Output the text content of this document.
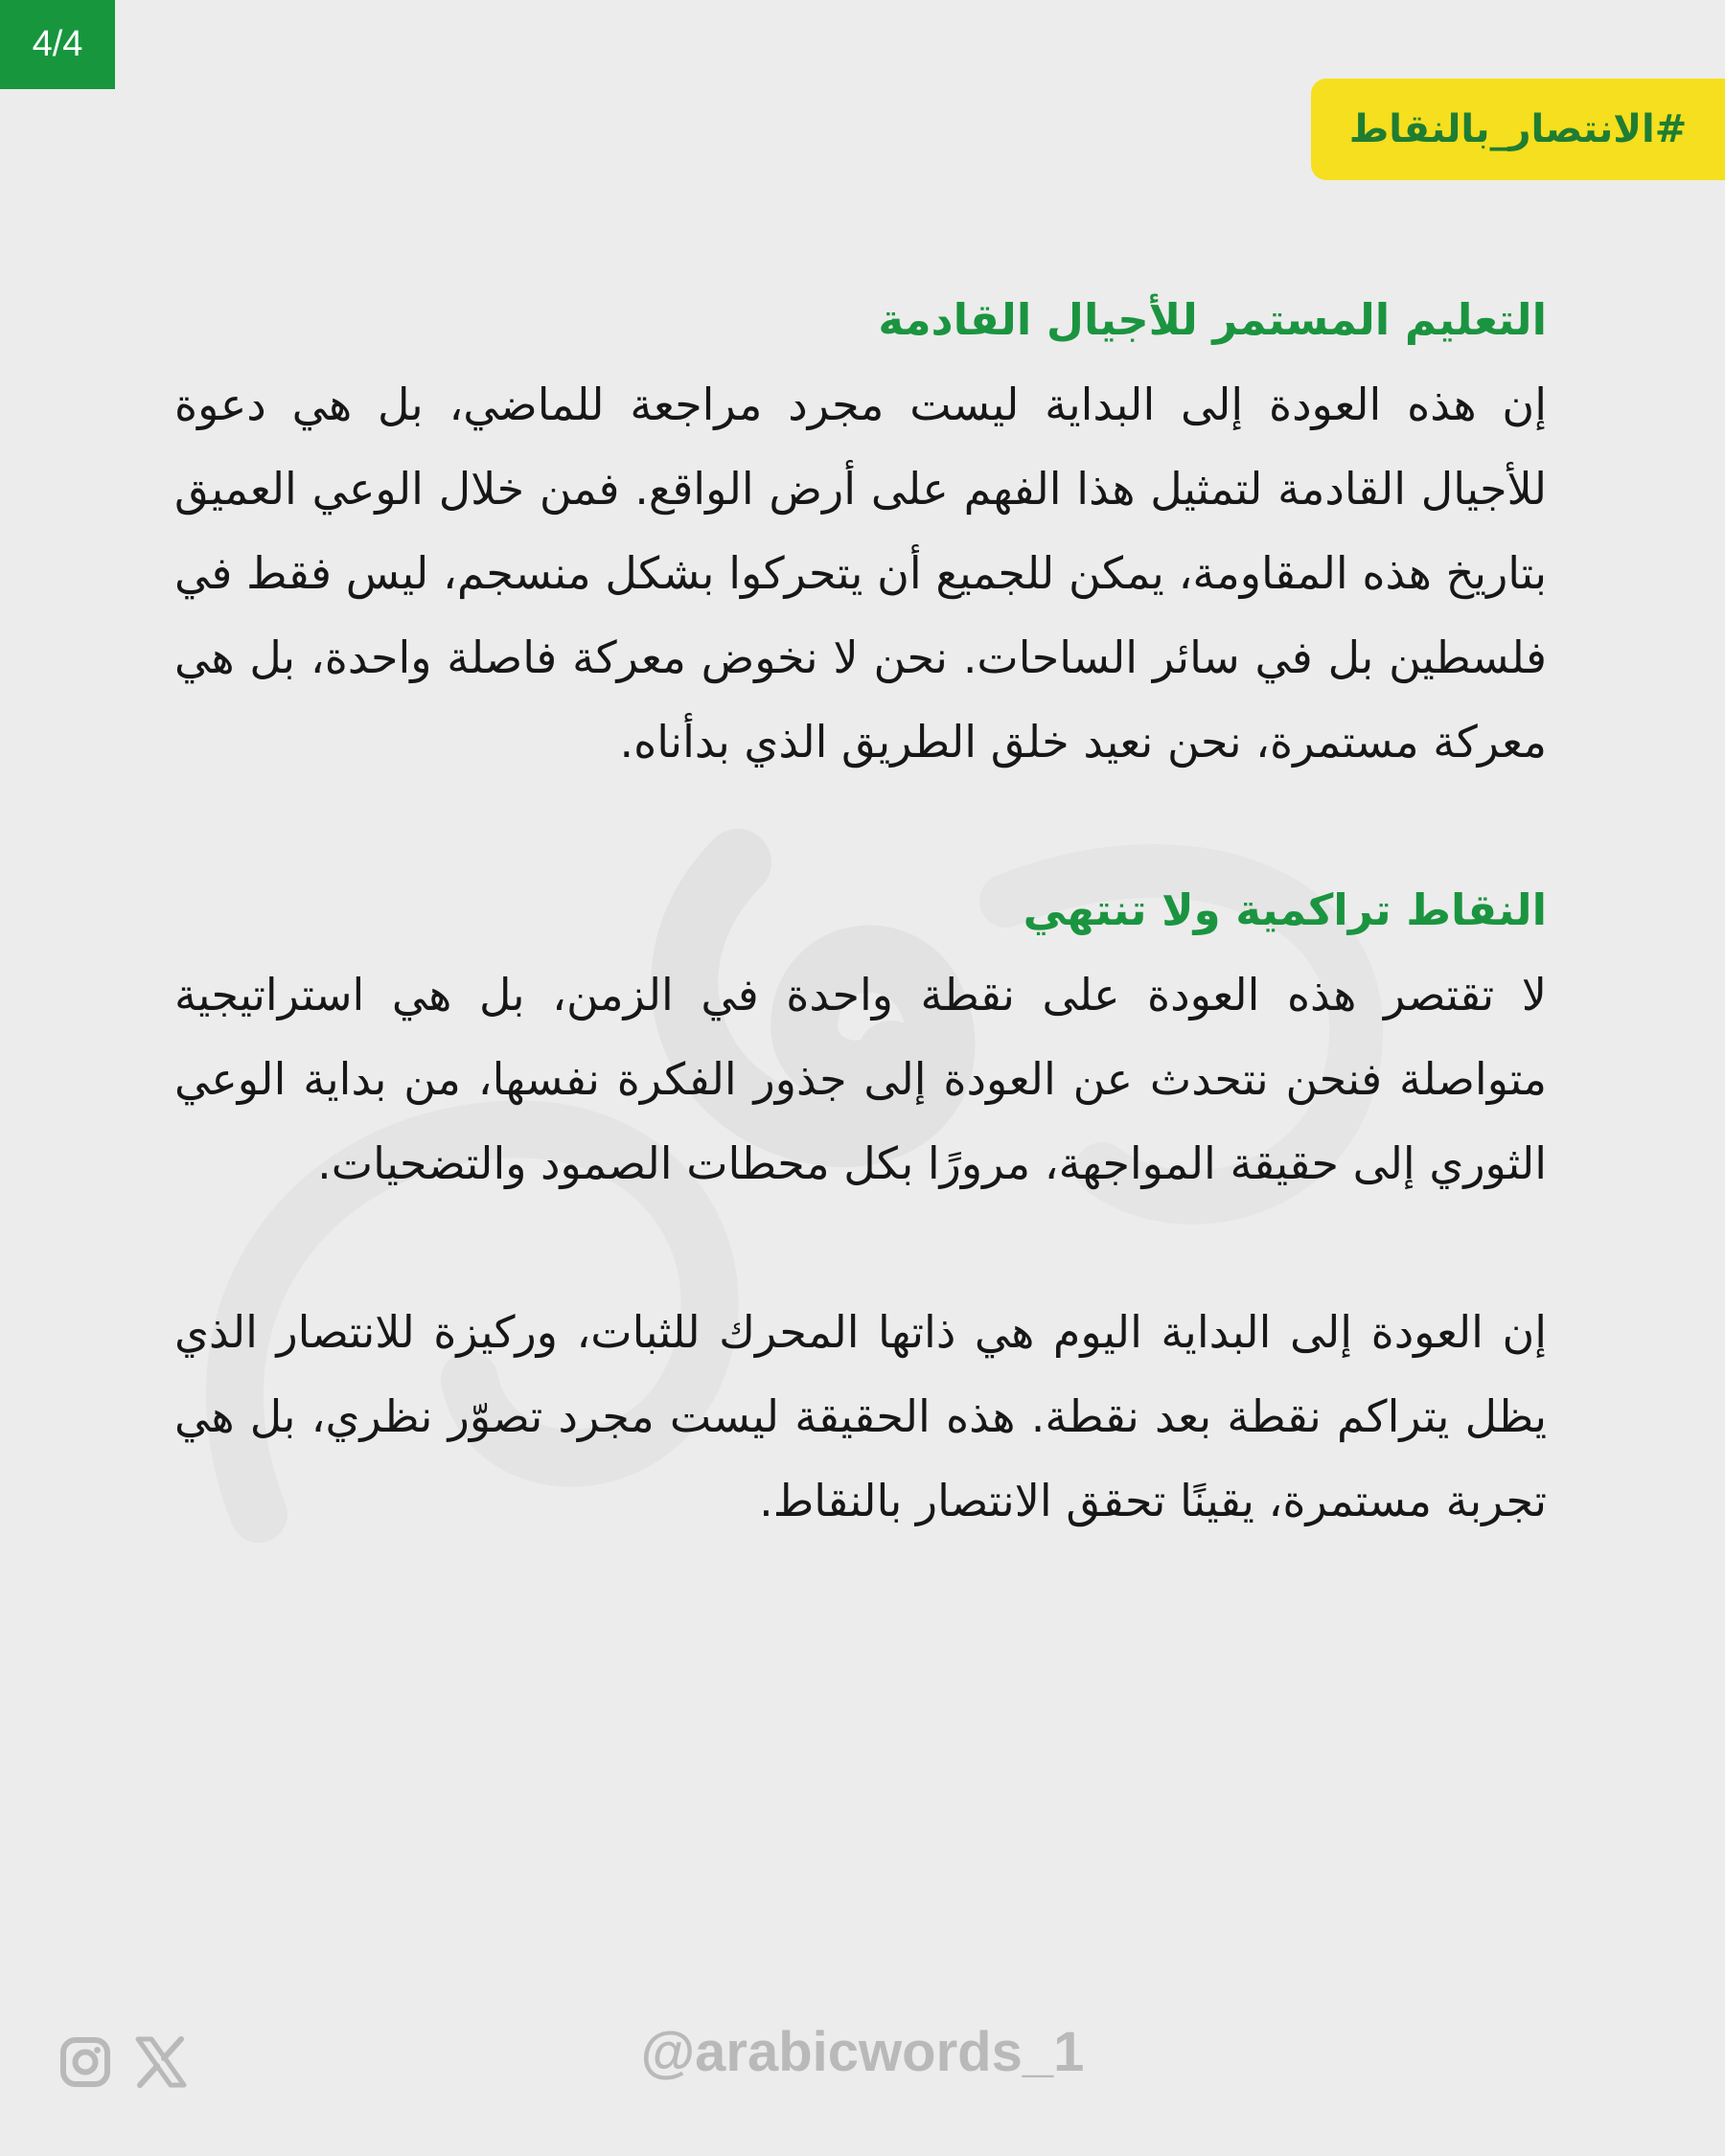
4/4
#الانتصار_بالنقاط
التعليم المستمر للأجيال القادمة

إن هذه العودة إلى البداية ليست مجرد مراجعة للماضي، بل هي دعوة للأجيال القادمة لتمثيل هذا الفهم على أرض الواقع. فمن خلال الوعي العميق بتاريخ هذه المقاومة، يمكن للجميع أن يتحركوا بشكل منسجم، ليس فقط في فلسطين بل في سائر الساحات. نحن لا نخوض معركة فاصلة واحدة، بل هي معركة مستمرة، نحن نعيد خلق الطريق الذي بدأناه.

النقاط تراكمية ولا تنتهي

لا تقتصر هذه العودة على نقطة واحدة في الزمن، بل هي استراتيجية متواصلة فنحن نتحدث عن العودة إلى جذور الفكرة نفسها، من بداية الوعي الثوري إلى حقيقة المواجهة، مرورًا بكل محطات الصمود والتضحيات.

إن العودة إلى البداية اليوم هي ذاتها المحرك للثبات، وركيزة للانتصار الذي يظل يتراكم نقطة بعد نقطة. هذه الحقيقة ليست مجرد تصوّر نظري، بل هي تجربة مستمرة، يقينًا تحقق الانتصار بالنقاط.

@arabicwords_1
